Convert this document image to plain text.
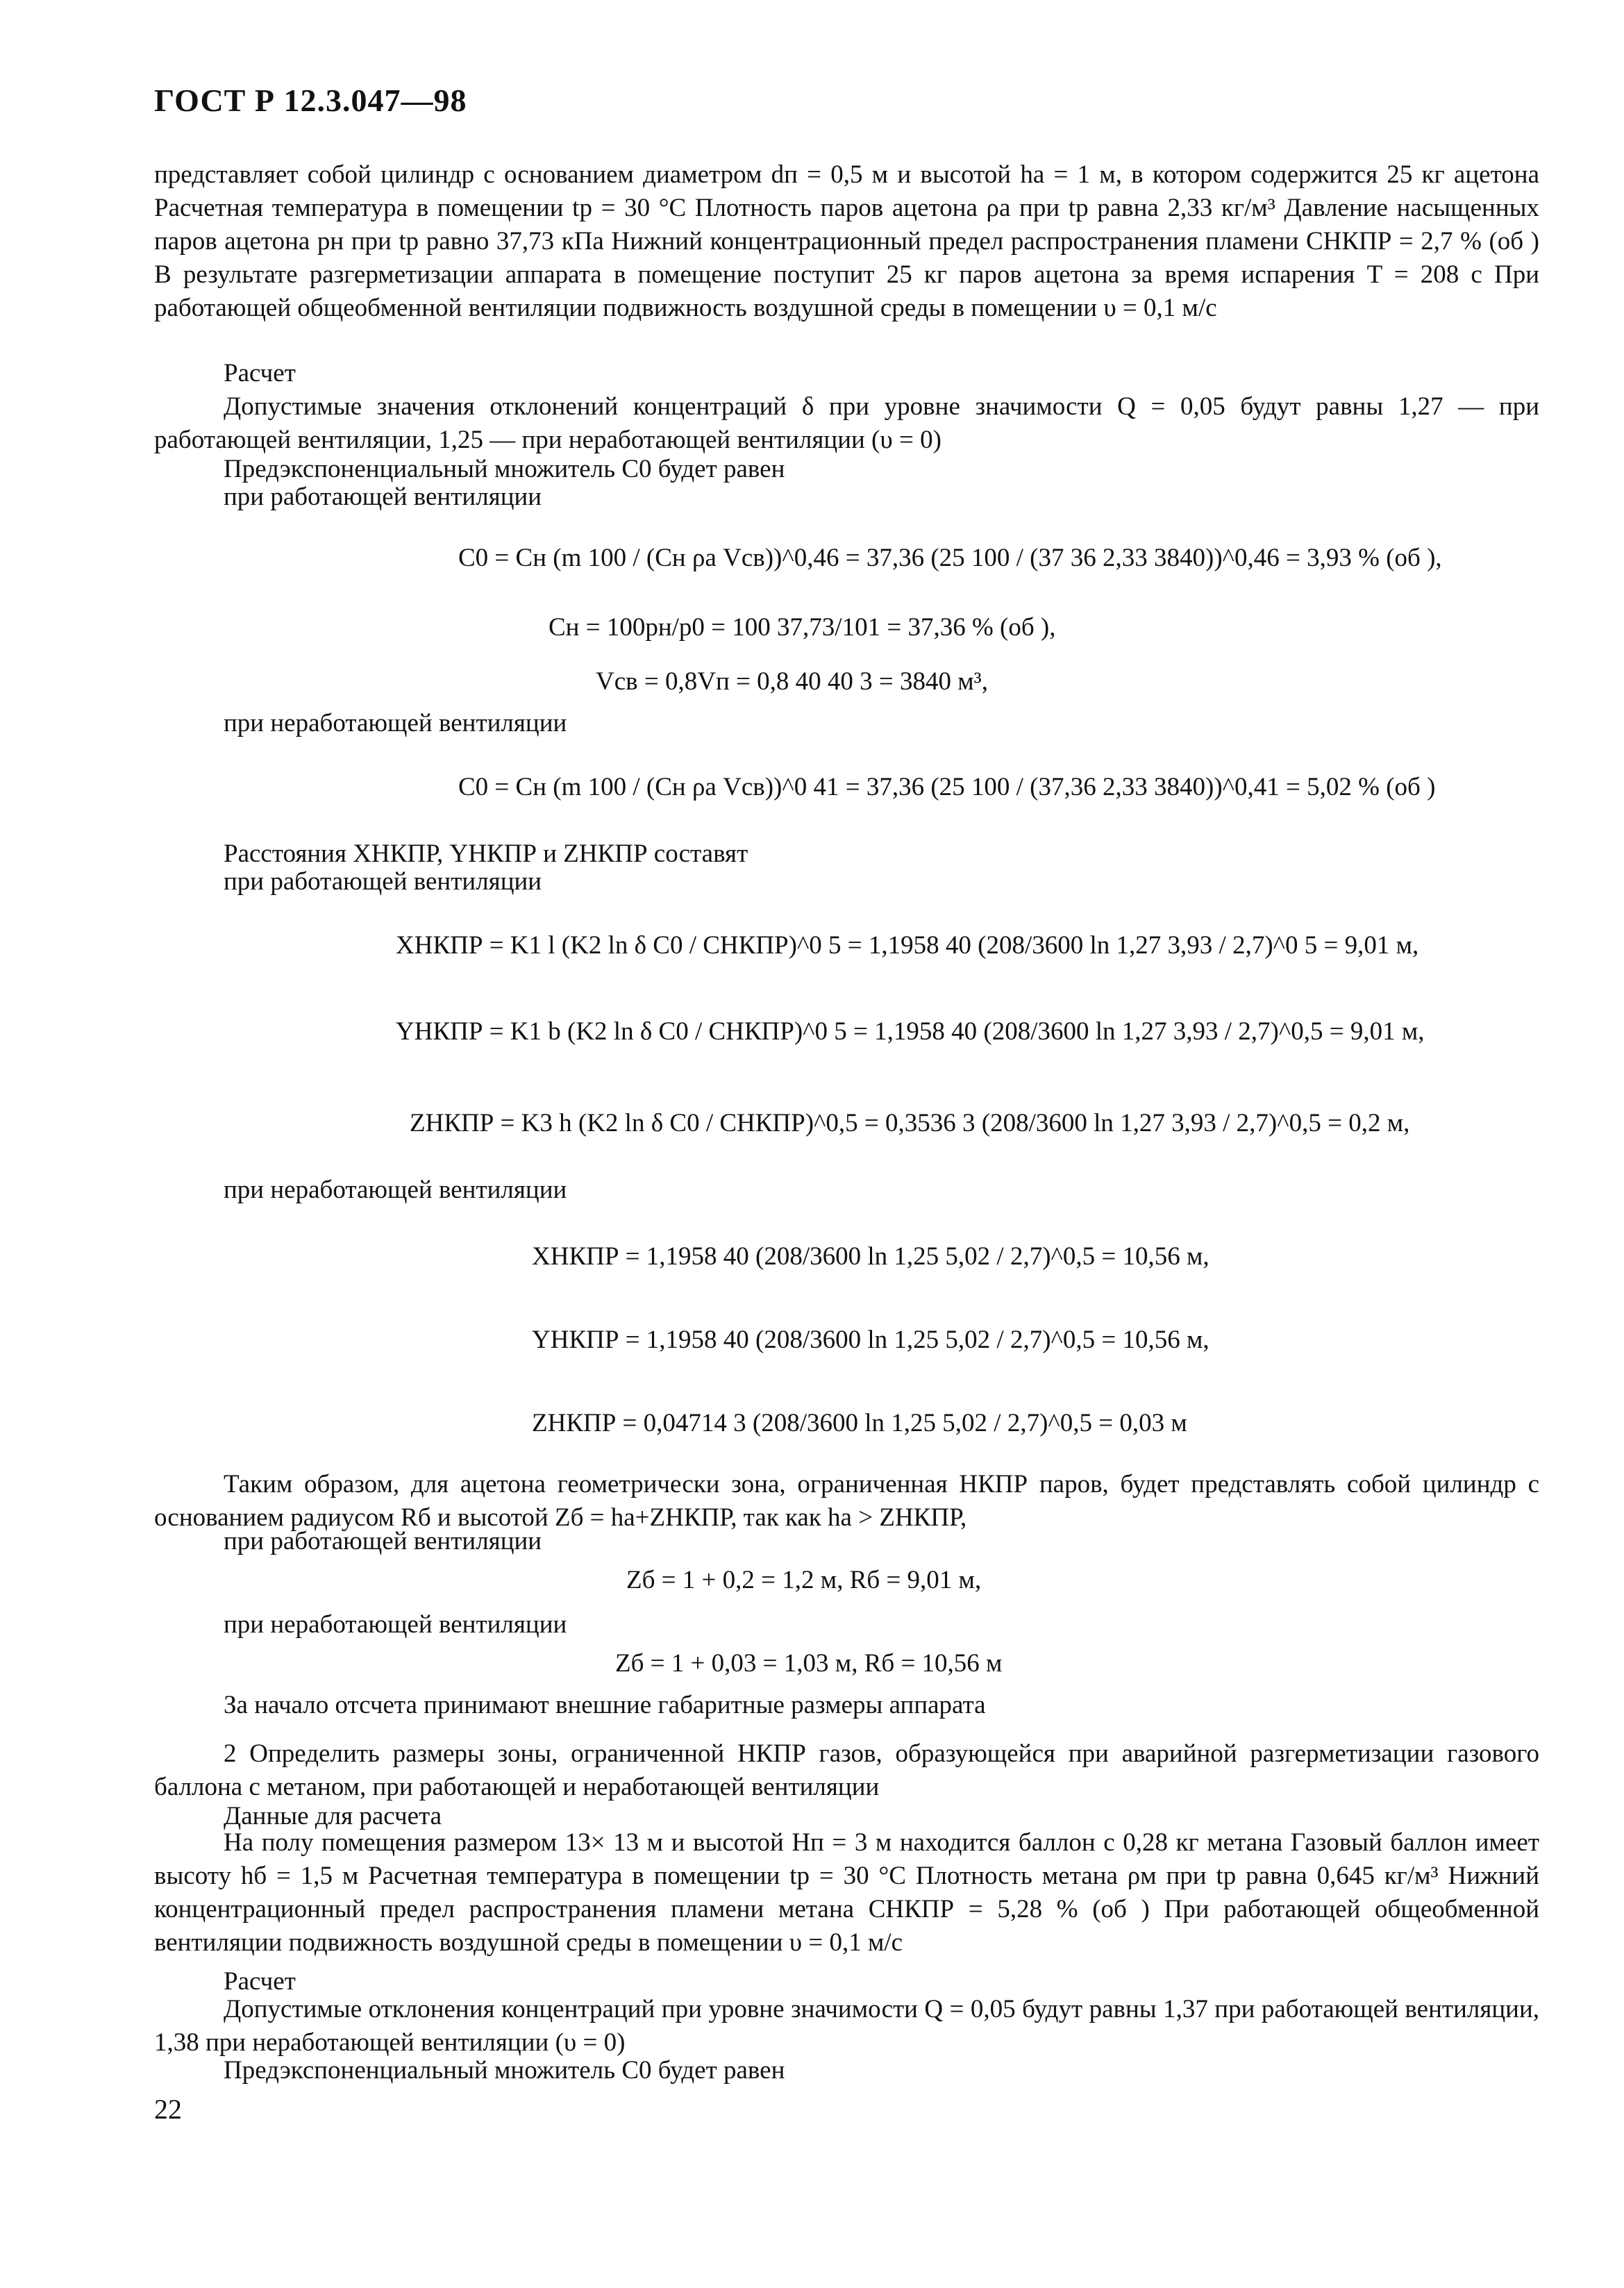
ГОСТ Р 12.3.047—98
представляет собой цилиндр с основанием диаметром dп = 0,5 м и высотой hа = 1 м, в котором содержится 25 кг ацетона Расчетная температура в помещении tр = 30 °С Плотность паров ацетона ρа при tр равна 2,33 кг/м³ Давление насыщенных паров ацетона pн при tр равно 37,73 кПа Нижний концентрационный предел распространения пламени СНКПР = 2,7 % (об ) В результате разгерметизации аппарата в помещение поступит 25 кг паров ацетона за время испарения T = 208 с При работающей общеобменной вентиляции подвижность воздушной среды в помещении υ = 0,1 м/с
Расчет
Допустимые значения отклонений концентраций δ при уровне значимости Q = 0,05 будут равны 1,27 — при работающей вентиляции, 1,25 — при неработающей вентиляции (υ = 0)
Предэкспоненциальный множитель C0 будет равен
при работающей вентиляции
C0 = Cн (m 100 / (Cн ρа Vсв))^0,46 = 37,36 (25 100 / (37 36 2,33 3840))^0,46 = 3,93 % (об ),
Cн = 100pн/p0 = 100 37,73/101 = 37,36 % (об ),
Vсв = 0,8Vп = 0,8 40 40 3 = 3840 м³,
при неработающей вентиляции
C0 = Cн (m 100 / (Cн ρа Vсв))^0 41 = 37,36 (25 100 / (37,36 2,33 3840))^0,41 = 5,02 % (об )
Расстояния XНКПР, YНКПР и ZНКПР составят
при работающей вентиляции
XНКПР = K1 l (K2 ln δ C0 / CНКПР)^0 5 = 1,1958 40 (208/3600 ln 1,27 3,93 / 2,7)^0 5 = 9,01 м,
YНКПР = K1 b (K2 ln δ C0 / CНКПР)^0 5 = 1,1958 40 (208/3600 ln 1,27 3,93 / 2,7)^0,5 = 9,01 м,
ZНКПР = K3 h (K2 ln δ C0 / CНКПР)^0,5 = 0,3536 3 (208/3600 ln 1,27 3,93 / 2,7)^0,5 = 0,2 м,
при неработающей вентиляции
XНКПР = 1,1958 40 (208/3600 ln 1,25 5,02 / 2,7)^0,5 = 10,56 м,
YНКПР = 1,1958 40 (208/3600 ln 1,25 5,02 / 2,7)^0,5 = 10,56 м,
ZНКПР = 0,04714 3 (208/3600 ln 1,25 5,02 / 2,7)^0,5 = 0,03 м
Таким образом, для ацетона геометрически зона, ограниченная НКПР паров, будет представлять собой цилиндр с основанием радиусом Rб и высотой Zб = hа+ZНКПР, так как hа > ZНКПР,
при работающей вентиляции
Zб = 1 + 0,2 = 1,2 м, Rб = 9,01 м,
при неработающей вентиляции
Zб = 1 + 0,03 = 1,03 м, Rб = 10,56 м
За начало отсчета принимают внешние габаритные размеры аппарата
2 Определить размеры зоны, ограниченной НКПР газов, образующейся при аварийной разгерметизации газового баллона с метаном, при работающей и неработающей вентиляции
Данные для расчета
На полу помещения размером 13× 13 м и высотой Hп = 3 м находится баллон с 0,28 кг метана Газовый баллон имеет высоту hб = 1,5 м Расчетная температура в помещении tр = 30 °С Плотность метана ρм при tр равна 0,645 кг/м³ Нижний концентрационный предел распространения пламени метана СНКПР = 5,28 % (об ) При работающей общеобменной вентиляции подвижность воздушной среды в помещении υ = 0,1 м/с
Расчет
Допустимые отклонения концентраций при уровне значимости Q = 0,05 будут равны 1,37 при работающей вентиляции, 1,38 при неработающей вентиляции (υ = 0)
Предэкспоненциальный множитель C0 будет равен
22
